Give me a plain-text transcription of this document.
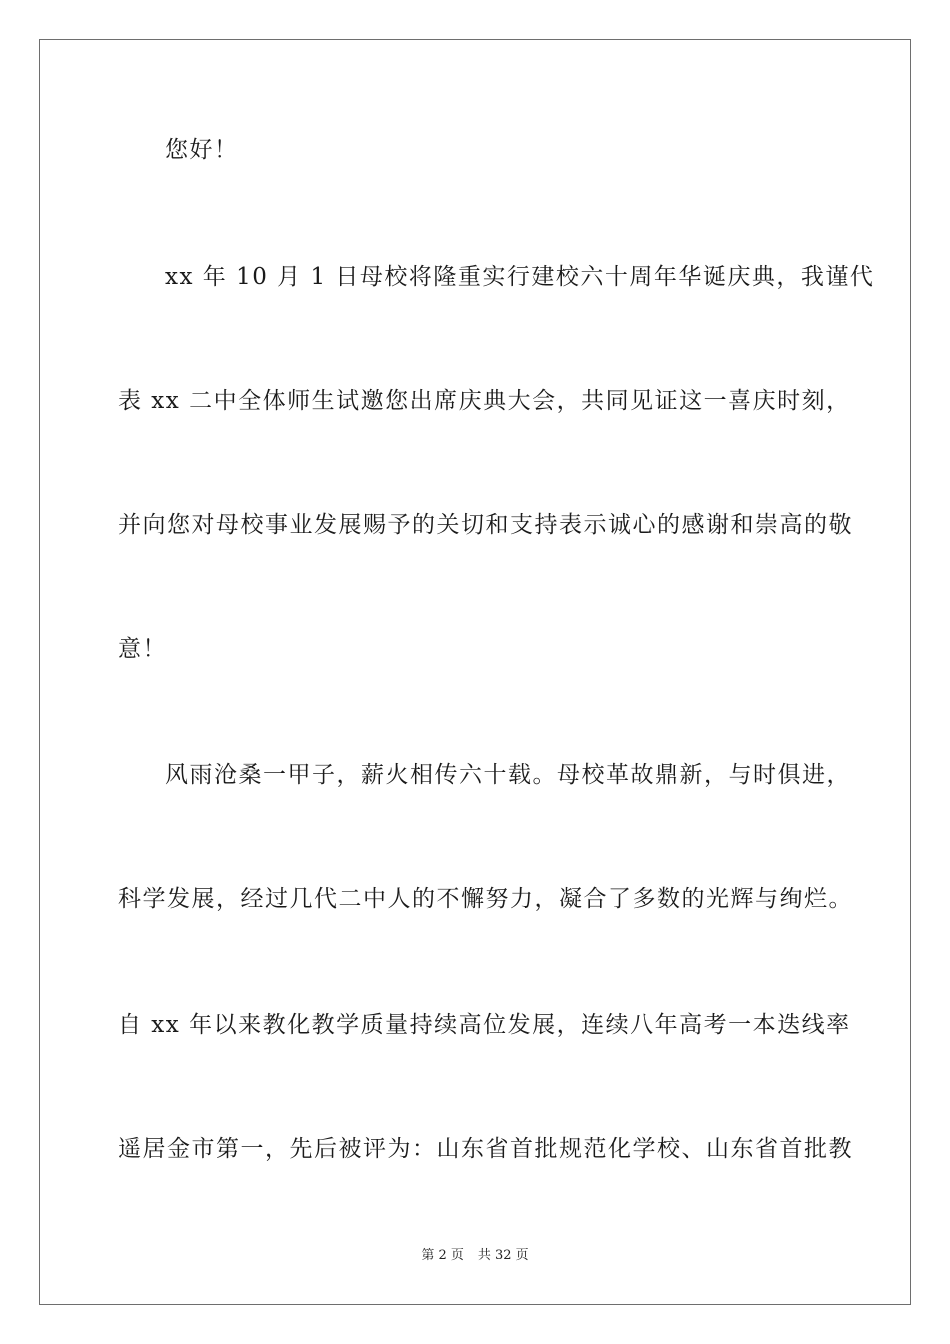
您好！
xx 年 10 月 1 日母校将隆重实行建校六十周年华诞庆典，我谨代
表 xx 二中全体师生试邀您出席庆典大会，共同见证这一喜庆时刻，
并向您对母校事业发展赐予的关切和支持表示诚心的感谢和崇高的敬
意！
风雨沧桑一甲子，薪火相传六十载。母校革故鼎新，与时俱进，
科学发展，经过几代二中人的不懈努力，凝合了多数的光辉与绚烂。
自 xx 年以来教化教学质量持续高位发展，连续八年高考一本迭线率
遥居金市第一，先后被评为：山东省首批规范化学校、山东省首批教
第 2 页 共 32 页
